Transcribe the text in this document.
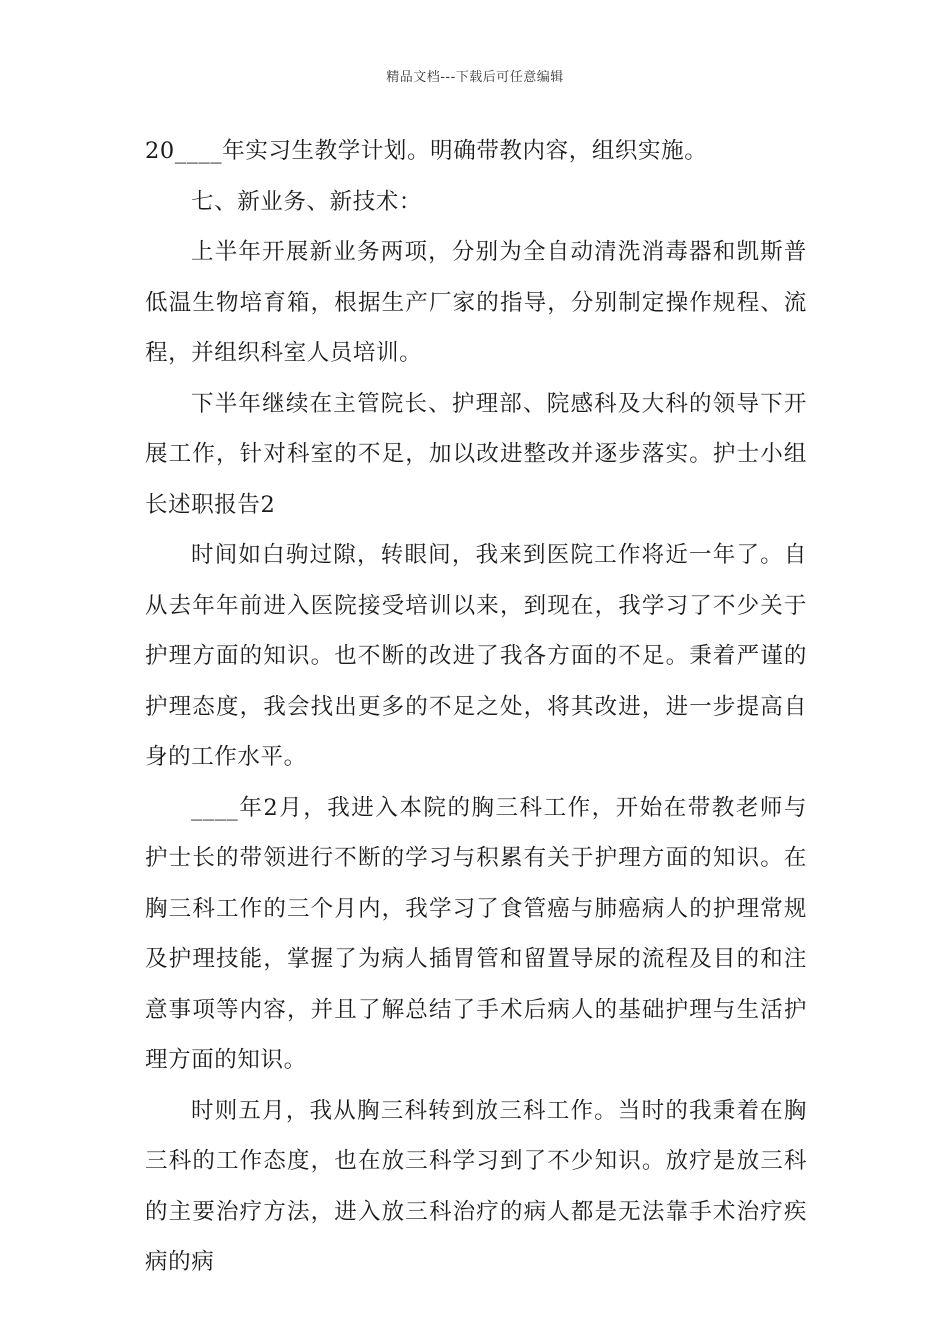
精品文档---下载后可任意编辑

20____年实习生教学计划。明确带教内容，组织实施。

七、新业务、新技术：

上半年开展新业务两项，分别为全自动清洗消毒器和凯斯普低温生物培育箱，根据生产厂家的指导，分别制定操作规程、流程，并组织科室人员培训。

下半年继续在主管院长、护理部、院感科及大科的领导下开展工作，针对科室的不足，加以改进整改并逐步落实。护士小组长述职报告2

时间如白驹过隙，转眼间，我来到医院工作将近一年了。自从去年年前进入医院接受培训以来，到现在，我学习了不少关于护理方面的知识。也不断的改进了我各方面的不足。秉着严谨的护理态度，我会找出更多的不足之处，将其改进，进一步提高自身的工作水平。

____年2月，我进入本院的胸三科工作，开始在带教老师与护士长的带领进行不断的学习与积累有关于护理方面的知识。在胸三科工作的三个月内，我学习了食管癌与肺癌病人的护理常规及护理技能，掌握了为病人插胃管和留置导尿的流程及目的和注意事项等内容，并且了解总结了手术后病人的基础护理与生活护理方面的知识。

时则五月，我从胸三科转到放三科工作。当时的我秉着在胸三科的工作态度，也在放三科学习到了不少知识。放疗是放三科的主要治疗方法，进入放三科治疗的病人都是无法靠手术治疗疾病的病
